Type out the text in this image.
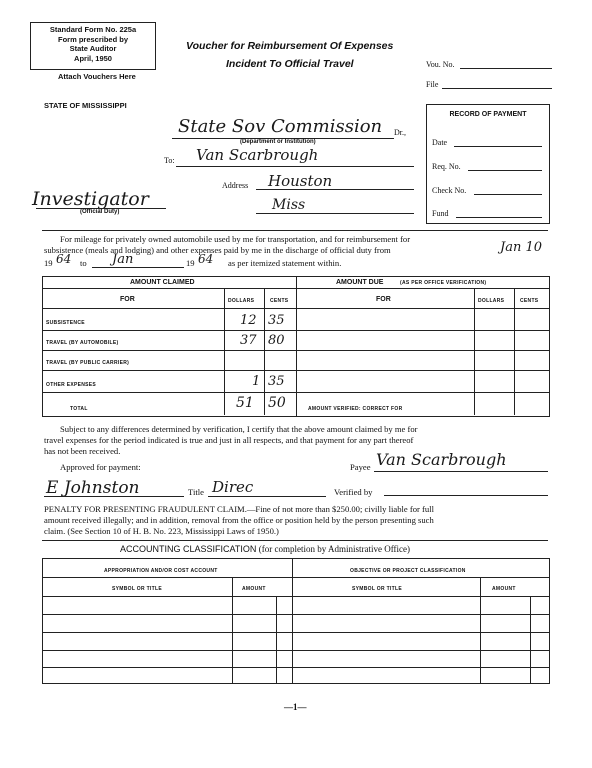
Standard Form No. 225a
Form prescribed by
State Auditor
April, 1950
Attach Vouchers Here
Voucher for Reimbursement Of Expenses
Incident To Official Travel	Vou. No.
File
STATE OF MISSISSIPPI
State Sov Commission Dr.,
(Department or Institution)
To: Van Scarbrough
Address Houston
Miss
Investigator
(Official Duty)
RECORD OF PAYMENT
Date
Req. No.
Check No.
Fund
For mileage for privately owned automobile used by me for transportation, and for reimbursement for
subsistence (meals and lodging) and other expenses paid by me in the discharge of official duty from	Jan 10
19 64 to Jan	19 64 as per itemized statement within.
AMOUNT CLAIMED	AMOUNT DUE	(AS PER OFFICE VERIFICATION)
FOR	DOLLARS	CENTS	FOR	DOLLARS	CENTS
SUBSISTENCE	12 35
TRAVEL (BY AUTOMOBILE)	37 80
TRAVEL (BY PUBLIC CARRIER)
OTHER EXPENSES	1 35
TOTAL	51 50	AMOUNT VERIFIED: CORRECT FOR
Subject to any differences determined by verification, I certify that the above amount claimed by me for
travel expenses for the period indicated is true and just in all respects, and that payment for any part thereof
has not been received.
Approved for payment:	Payee Van Scarbrough
E Johnston	Title Direc	Verified by
PENALTY FOR PRESENTING FRAUDULENT CLAIM.—Fine of not more than $250.00; civilly liable for full
amount received illegally; and in addition, removal from the office or position held by the person presenting such
claim. (See Section 10 of H. B. No. 223, Mississippi Laws of 1950.)
ACCOUNTING CLASSIFICATION (for completion by Administrative Office)
APPROPRIATION AND/OR COST ACCOUNT	OBJECTIVE OR PROJECT CLASSIFICATION
SYMBOL OR TITLE	AMOUNT	SYMBOL OR TITLE	AMOUNT
—1—
